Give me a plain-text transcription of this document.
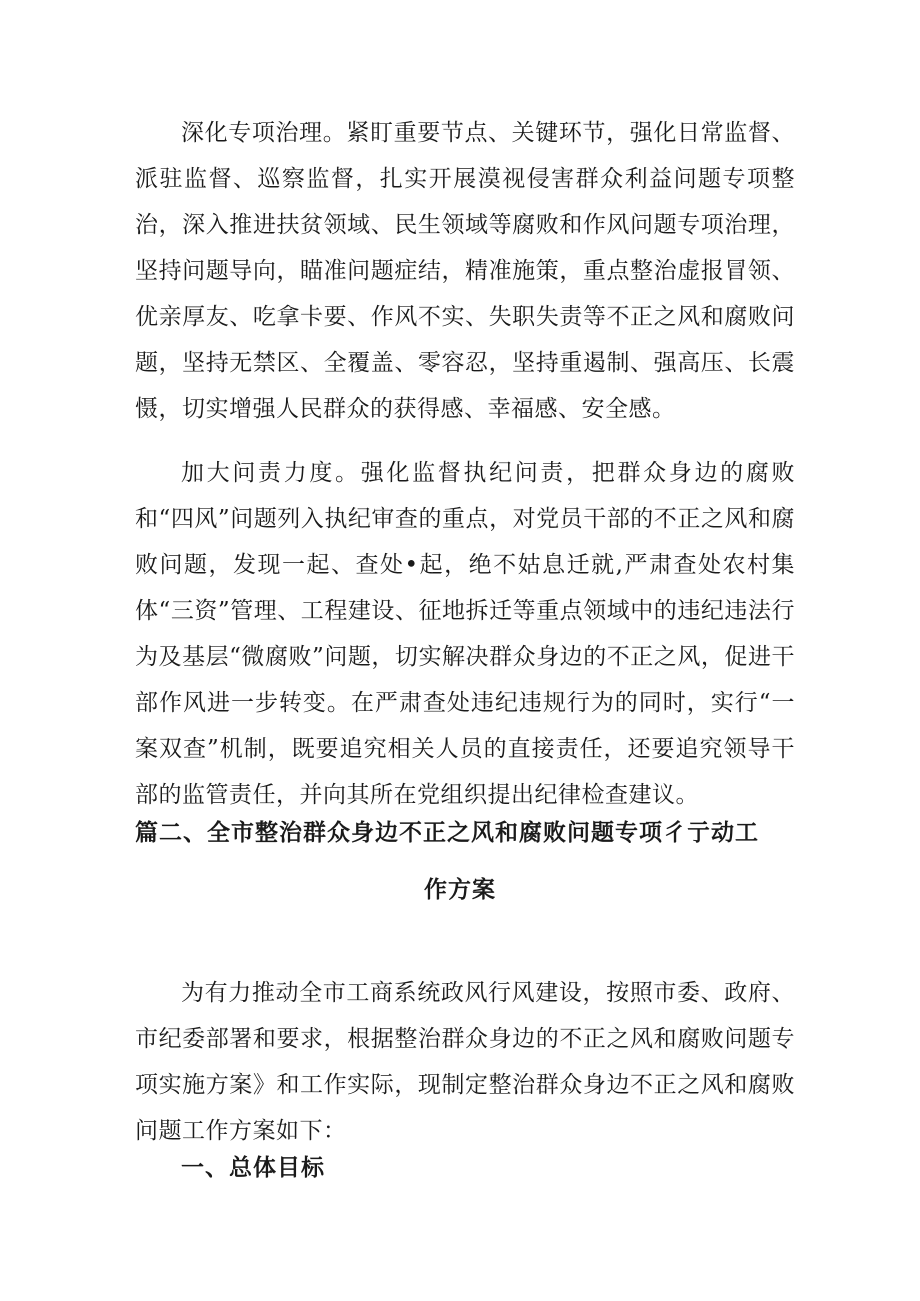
深化专项治理。紧盯重要节点、关键环节，强化日常监督、派驻监督、巡察监督，扎实开展漠视侵害群众利益问题专项整治，深入推进扶贫领域、民生领域等腐败和作风问题专项治理，坚持问题导向，瞄准问题症结，精准施策，重点整治虚报冒领、优亲厚友、吃拿卡要、作风不实、失职失责等不正之风和腐败问题，坚持无禁区、全覆盖、零容忍，坚持重遏制、强高压、长震慑，切实增强人民群众的获得感、幸福感、安全感。

加大问责力度。强化监督执纪问责，把群众身边的腐败和“四风”问题列入执纪审查的重点，对党员干部的不正之风和腐败问题，发现一起、查处•起，绝不姑息迁就,严肃查处农村集体“三资”管理、工程建设、征地拆迁等重点领域中的违纪违法行为及基层“微腐败”问题，切实解决群众身边的不正之风，促进干部作风进一步转变。在严肃查处违纪违规行为的同时，实行“一案双查”机制，既要追究相关人员的直接责任，还要追究领导干部的监管责任，并向其所在党组织提出纪律检查建议。

篇二、全市整治群众身边不正之风和腐败问题专项彳亍动工
作方案

为有力推动全市工商系统政风行风建设，按照市委、政府、市纪委部署和要求，根据整治群众身边的不正之风和腐败问题专项实施方案》和工作实际，现制定整治群众身边不正之风和腐败问题工作方案如下：

一、总体目标
